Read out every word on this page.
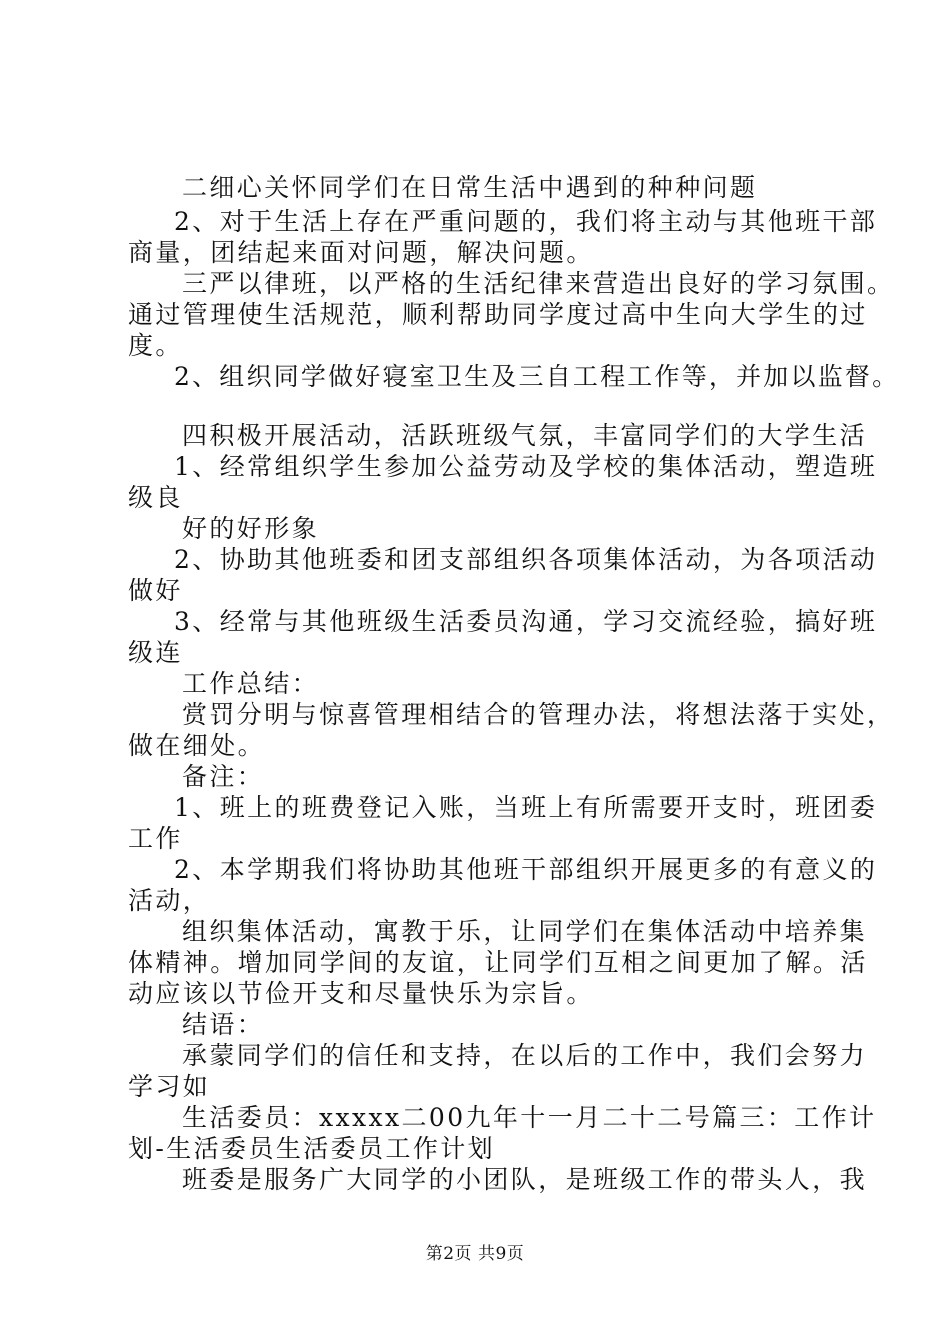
二细心关怀同学们在日常生活中遇到的种种问题
2、对于生活上存在严重问题的，我们将主动与其他班干部
商量，团结起来面对问题，解决问题。
三严以律班，以严格的生活纪律来营造出良好的学习氛围。
通过管理使生活规范，顺利帮助同学度过高中生向大学生的过
度。
2、组织同学做好寝室卫生及三自工程工作等，并加以监督。
四积极开展活动，活跃班级气氛，丰富同学们的大学生活
1、经常组织学生参加公益劳动及学校的集体活动，塑造班
级良
好的好形象
2、协助其他班委和团支部组织各项集体活动，为各项活动
做好
3、经常与其他班级生活委员沟通，学习交流经验，搞好班
级连
工作总结：
赏罚分明与惊喜管理相结合的管理办法，将想法落于实处，
做在细处。
备注：
1、班上的班费登记入账，当班上有所需要开支时，班团委
工作
2、本学期我们将协助其他班干部组织开展更多的有意义的
活动，
组织集体活动，寓教于乐，让同学们在集体活动中培养集
体精神。增加同学间的友谊，让同学们互相之间更加了解。活
动应该以节俭开支和尽量快乐为宗旨。
结语：
承蒙同学们的信任和支持，在以后的工作中，我们会努力
学习如
生活委员：xxxxx二00九年十一月二十二号篇三：工作计
划-生活委员生活委员工作计划
班委是服务广大同学的小团队，是班级工作的带头人，我
第2页 共9页
